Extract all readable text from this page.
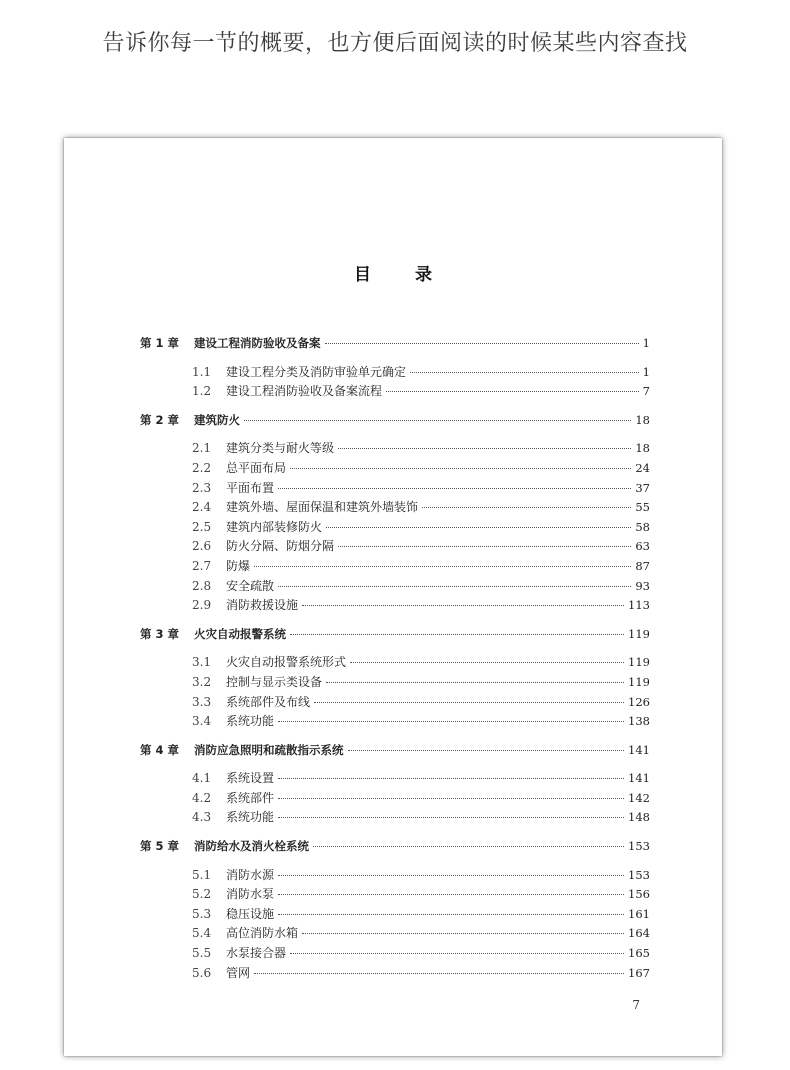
告诉你每一节的概要，也方便后面阅读的时候某些内容查找
目	录
第 1 章	建设工程消防验收及备案	1
1.1	建设工程分类及消防审验单元确定	1
1.2	建设工程消防验收及备案流程	7
第 2 章	建筑防火	18
2.1	建筑分类与耐火等级	18
2.2	总平面布局	24
2.3	平面布置	37
2.4	建筑外墙、屋面保温和建筑外墙装饰	55
2.5	建筑内部装修防火	58
2.6	防火分隔、防烟分隔	63
2.7	防爆	87
2.8	安全疏散	93
2.9	消防救援设施	113
第 3 章	火灾自动报警系统	119
3.1	火灾自动报警系统形式	119
3.2	控制与显示类设备	119
3.3	系统部件及布线	126
3.4	系统功能	138
第 4 章	消防应急照明和疏散指示系统	141
4.1	系统设置	141
4.2	系统部件	142
4.3	系统功能	148
第 5 章	消防给水及消火栓系统	153
5.1	消防水源	153
5.2	消防水泵	156
5.3	稳压设施	161
5.4	高位消防水箱	164
5.5	水泵接合器	165
5.6	管网	167
7
